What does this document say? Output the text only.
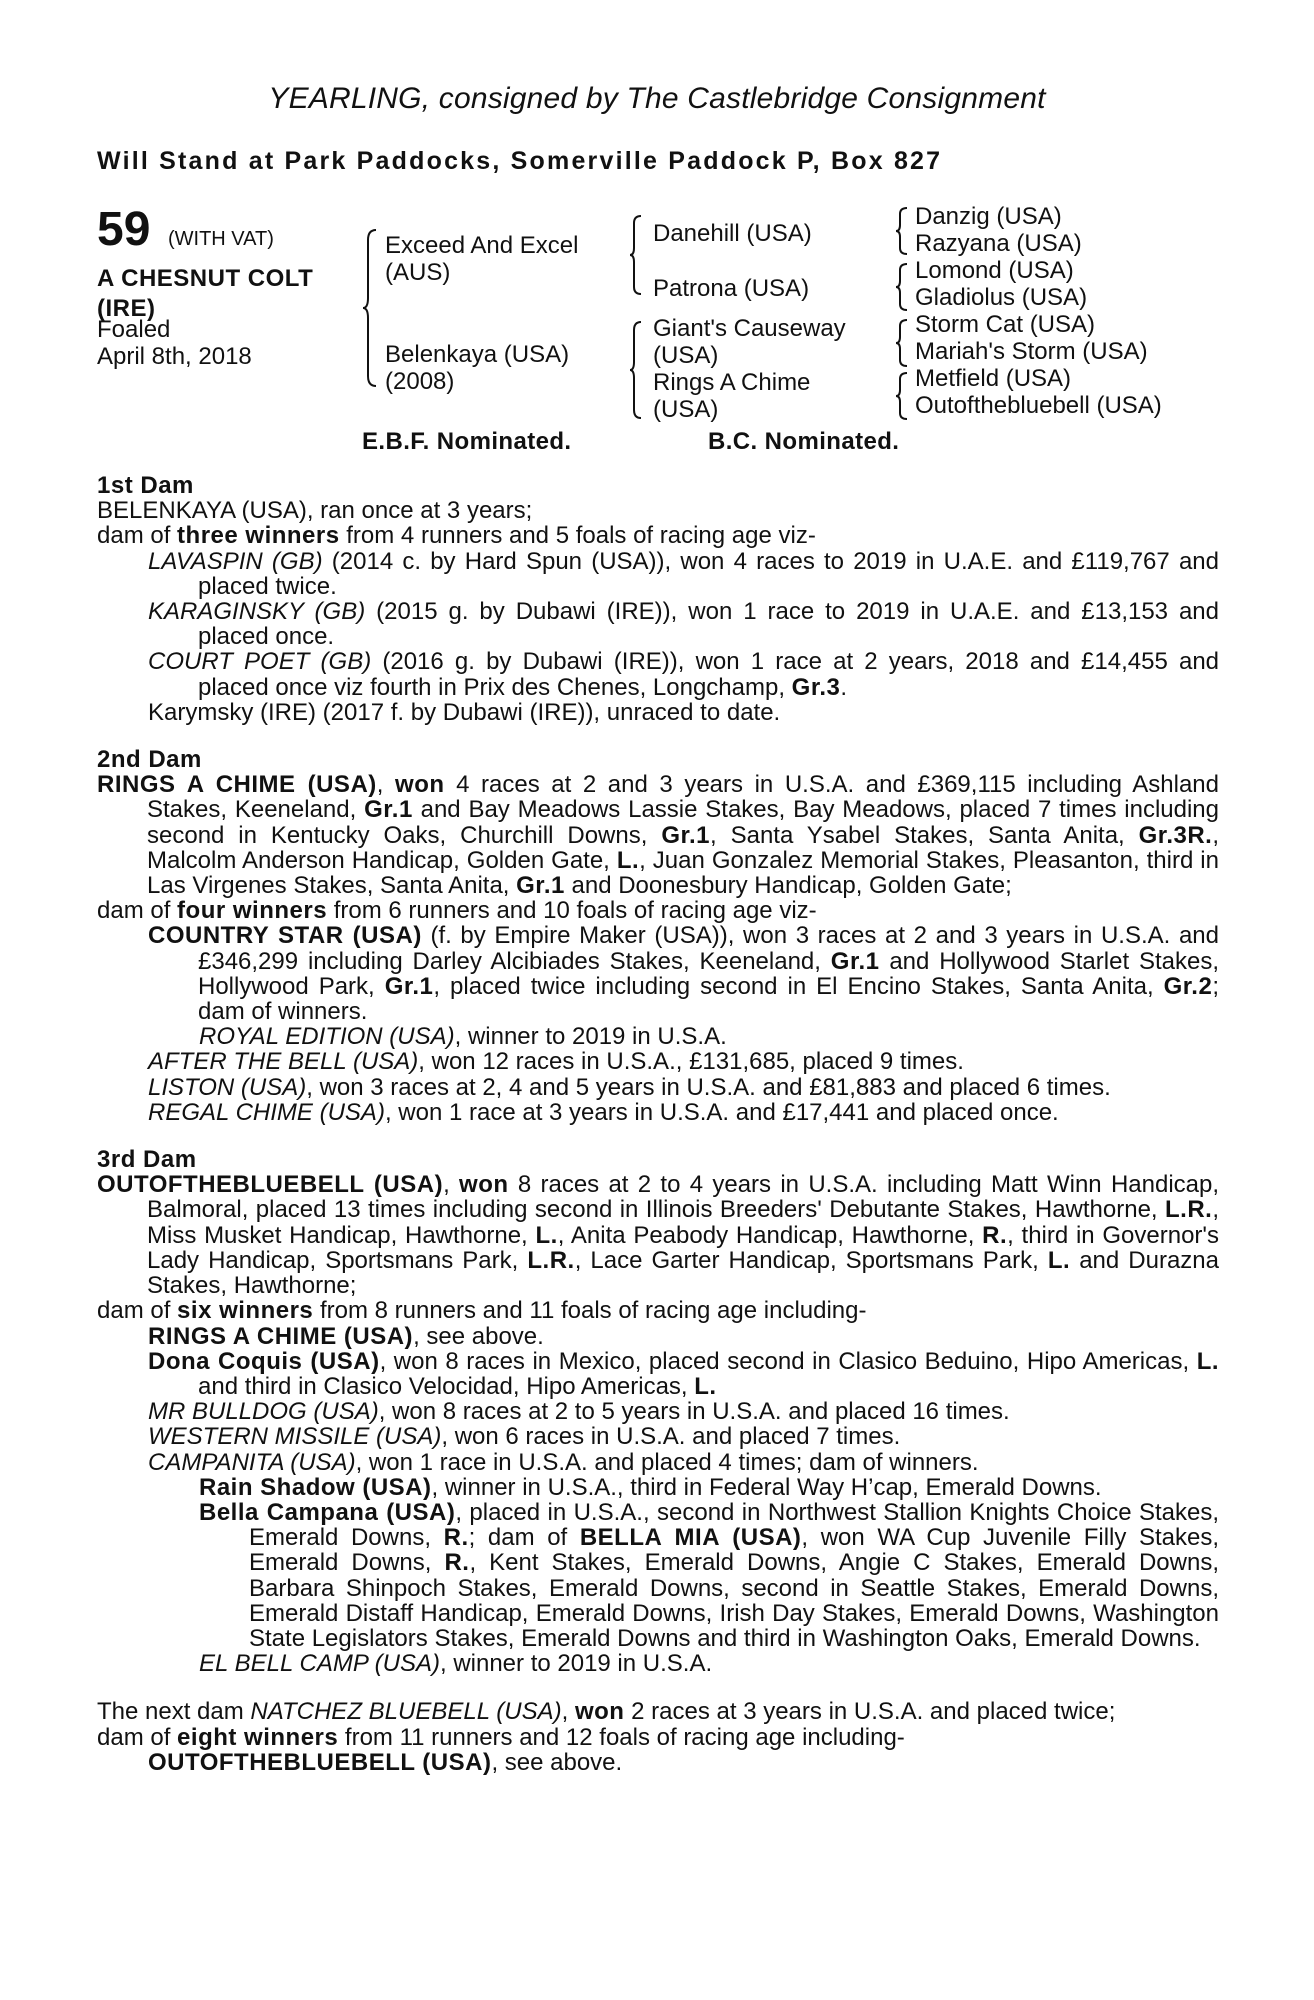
YEARLING, consigned by The Castlebridge Consignment
Will Stand at Park Paddocks, Somerville Paddock P, Box 827
59 (WITH VAT)
A CHESNUT COLT
(IRE)
Foaled
April 8th, 2018
Exceed And Excel
(AUS)
Belenkaya (USA)
(2008)
Danehill (USA)
Patrona (USA)
Giant's Causeway
(USA)
Rings A Chime
(USA)
Danzig (USA)
Razyana (USA)
Lomond (USA)
Gladiolus (USA)
Storm Cat (USA)
Mariah's Storm (USA)
Metfield (USA)
Outofthebluebell (USA)
E.B.F. Nominated.	B.C. Nominated.
1st Dam

BELENKAYA (USA), ran once at 3 years;

dam of three winners from 4 runners and 5 foals of racing age viz-

LAVASPIN (GB) (2014 c. by Hard Spun (USA)), won 4 races to 2019 in U.A.E. and £119,767 and placed twice.

KARAGINSKY (GB) (2015 g. by Dubawi (IRE)), won 1 race to 2019 in U.A.E. and £13,153 and placed once.

COURT POET (GB) (2016 g. by Dubawi (IRE)), won 1 race at 2 years, 2018 and £14,455 and placed once viz fourth in Prix des Chenes, Longchamp, Gr.3.

Karymsky (IRE) (2017 f. by Dubawi (IRE)), unraced to date.

2nd Dam

RINGS A CHIME (USA), won 4 races at 2 and 3 years in U.S.A. and £369,115 including Ashland Stakes, Keeneland, Gr.1 and Bay Meadows Lassie Stakes, Bay Meadows, placed 7 times including second in Kentucky Oaks, Churchill Downs, Gr.1, Santa Ysabel Stakes, Santa Anita, Gr.3R., Malcolm Anderson Handicap, Golden Gate, L., Juan Gonzalez Memorial Stakes, Pleasanton, third in Las Virgenes Stakes, Santa Anita, Gr.1 and Doonesbury Handicap, Golden Gate;

dam of four winners from 6 runners and 10 foals of racing age viz-

COUNTRY STAR (USA) (f. by Empire Maker (USA)), won 3 races at 2 and 3 years in U.S.A. and £346,299 including Darley Alcibiades Stakes, Keeneland, Gr.1 and Hollywood Starlet Stakes, Hollywood Park, Gr.1, placed twice including second in El Encino Stakes, Santa Anita, Gr.2; dam of winners.

ROYAL EDITION (USA), winner to 2019 in U.S.A.

AFTER THE BELL (USA), won 12 races in U.S.A., £131,685, placed 9 times.

LISTON (USA), won 3 races at 2, 4 and 5 years in U.S.A. and £81,883 and placed 6 times.

REGAL CHIME (USA), won 1 race at 3 years in U.S.A. and £17,441 and placed once.

3rd Dam

OUTOFTHEBLUEBELL (USA), won 8 races at 2 to 4 years in U.S.A. including Matt Winn Handicap, Balmoral, placed 13 times including second in Illinois Breeders' Debutante Stakes, Hawthorne, L.R., Miss Musket Handicap, Hawthorne, L., Anita Peabody Handicap, Hawthorne, R., third in Governor's Lady Handicap, Sportsmans Park, L.R., Lace Garter Handicap, Sportsmans Park, L. and Durazna Stakes, Hawthorne;

dam of six winners from 8 runners and 11 foals of racing age including-

RINGS A CHIME (USA), see above.

Dona Coquis (USA), won 8 races in Mexico, placed second in Clasico Beduino, Hipo Americas, L. and third in Clasico Velocidad, Hipo Americas, L.

MR BULLDOG (USA), won 8 races at 2 to 5 years in U.S.A. and placed 16 times.

WESTERN MISSILE (USA), won 6 races in U.S.A. and placed 7 times.

CAMPANITA (USA), won 1 race in U.S.A. and placed 4 times; dam of winners.

Rain Shadow (USA), winner in U.S.A., third in Federal Way H’cap, Emerald Downs.

Bella Campana (USA), placed in U.S.A., second in Northwest Stallion Knights Choice Stakes, Emerald Downs, R.; dam of BELLA MIA (USA), won WA Cup Juvenile Filly Stakes, Emerald Downs, R., Kent Stakes, Emerald Downs, Angie C Stakes, Emerald Downs, Barbara Shinpoch Stakes, Emerald Downs, second in Seattle Stakes, Emerald Downs, Emerald Distaff Handicap, Emerald Downs, Irish Day Stakes, Emerald Downs, Washington State Legislators Stakes, Emerald Downs and third in Washington Oaks, Emerald Downs.

EL BELL CAMP (USA), winner to 2019 in U.S.A.

The next dam NATCHEZ BLUEBELL (USA), won 2 races at 3 years in U.S.A. and placed twice;

dam of eight winners from 11 runners and 12 foals of racing age including-

OUTOFTHEBLUEBELL (USA), see above.
